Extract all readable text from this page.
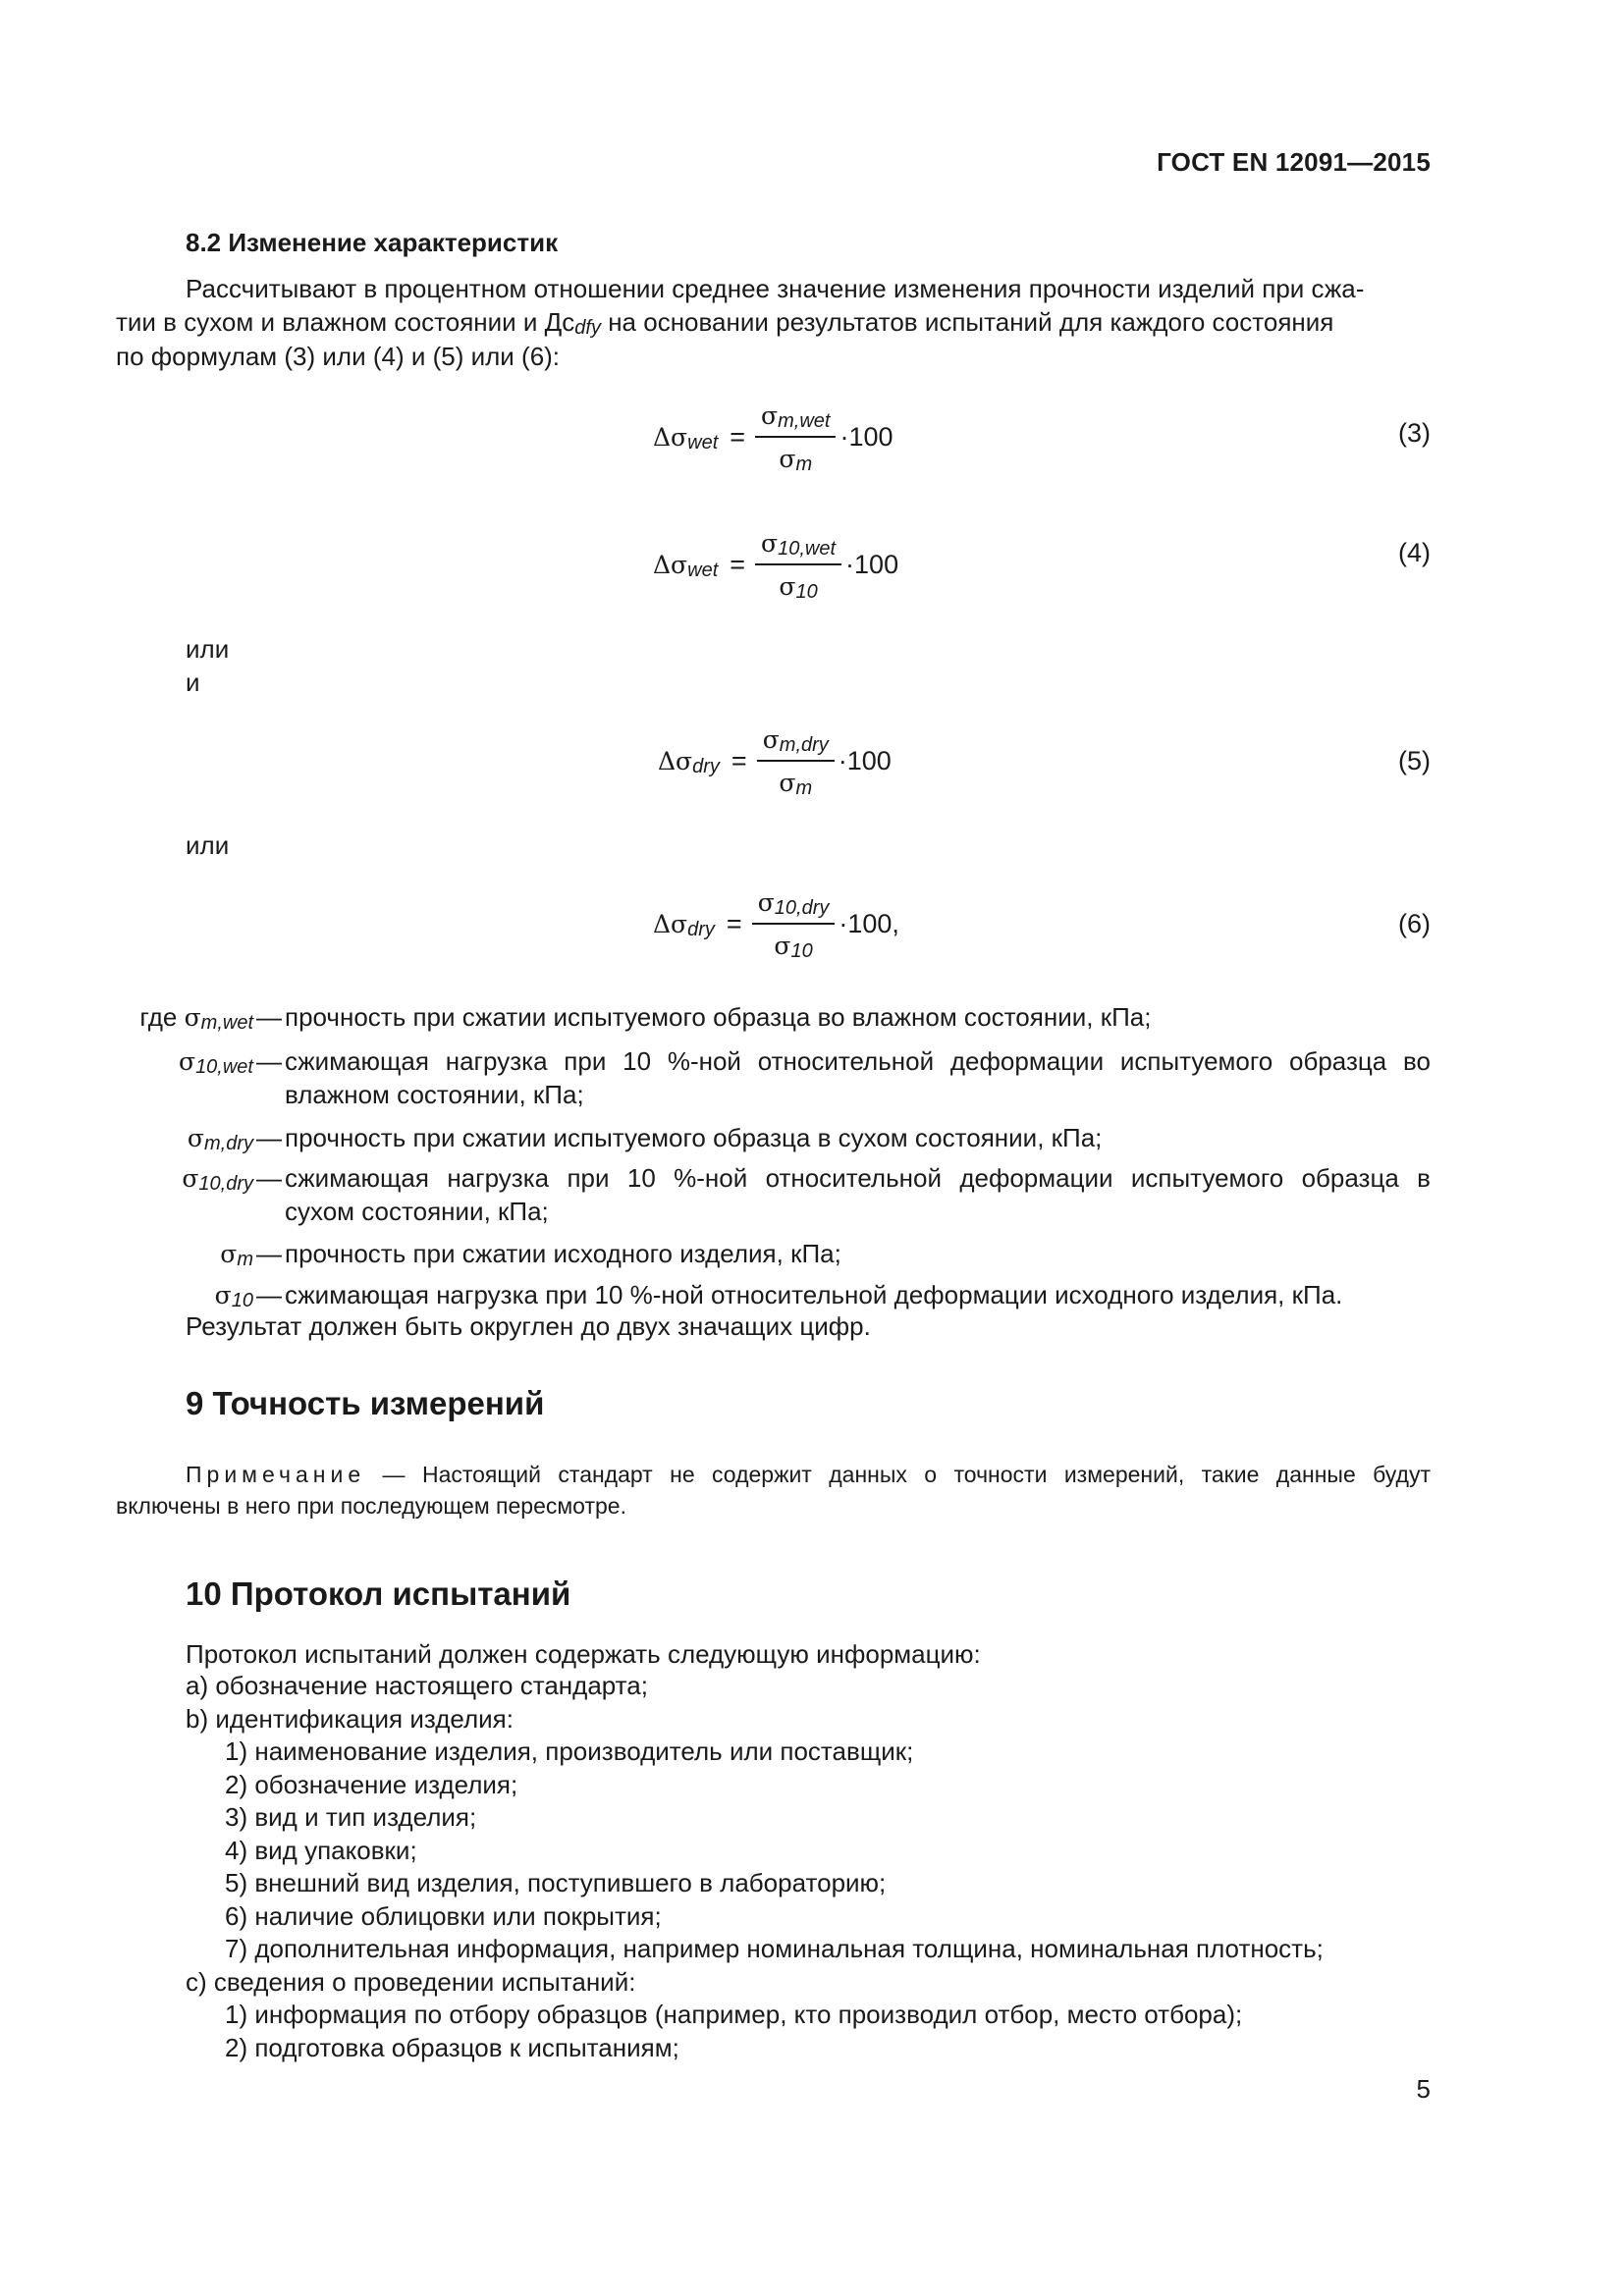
ГОСТ EN 12091—2015
8.2 Изменение характеристик
Рассчитывают в процентном отношении среднее значение изменения прочности изделий при сжа-
тии в сухом и влажном состоянии и $Дс_{dfy}$ на основании результатов испытаний для каждого состояния
по формулам (3) или (4) и (5) или (6):
$\Delta\sigma_{wet} = \frac{\sigma_{m,wet}}{\sigma_m} \cdot 100$	(3)
$\Delta\sigma_{wet} = \frac{\sigma_{10,wet}}{\sigma_{10}} \cdot 100$	(4)
или
и
$\Delta\sigma_{dry} = \frac{\sigma_{m,dry}}{\sigma_m} \cdot 100$	(5)
или
$\Delta\sigma_{dry} = \frac{\sigma_{10,dry}}{\sigma_{10}} \cdot 100$,	(6)
где $\sigma_{m,wet}$ — прочность при сжатии испытуемого образца во влажном состоянии, кПа;
$\sigma_{10,wet}$ — сжимающая нагрузка при 10 %-ной относительной деформации испытуемого образца во
влажном состоянии, кПа;
$\sigma_{m,dry}$ — прочность при сжатии испытуемого образца в сухом состоянии, кПа;
$\sigma_{10,dry}$ — сжимающая нагрузка при 10 %-ной относительной деформации испытуемого образца в
сухом состоянии, кПа;
$\sigma_m$ — прочность при сжатии исходного изделия, кПа;
$\sigma_{10}$ — сжимающая нагрузка при 10 %-ной относительной деформации исходного изделия, кПа.
Результат должен быть округлен до двух значащих цифр.
9 Точность измерений
Примечание — Настоящий стандарт не содержит данных о точности измерений, такие данные будут
включены в него при последующем пересмотре.
10 Протокол испытаний
Протокол испытаний должен содержать следующую информацию:
a) обозначение настоящего стандарта;
b) идентификация изделия:
1) наименование изделия, производитель или поставщик;
2) обозначение изделия;
3) вид и тип изделия;
4) вид упаковки;
5) внешний вид изделия, поступившего в лабораторию;
6) наличие облицовки или покрытия;
7) дополнительная информация, например номинальная толщина, номинальная плотность;
c) сведения о проведении испытаний:
1) информация по отбору образцов (например, кто производил отбор, место отбора);
2) подготовка образцов к испытаниям;
5
